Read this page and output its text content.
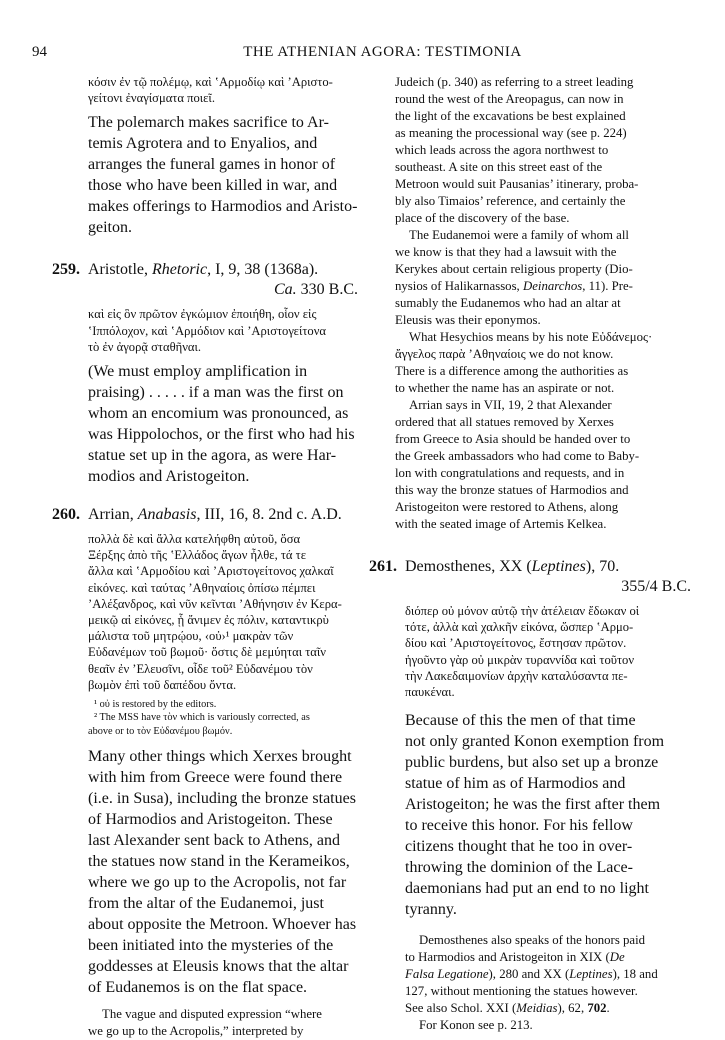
94	THE ATHENIAN AGORA: TESTIMONIA

κόσιν ἐν τῷ πολέμῳ, καὶ ʽΑρμοδίῳ καὶ ʼΑριστο-

γείτονι ἐναγίσματα ποιεῖ.

The polemarch makes sacrifice to Ar-

temis Agrotera and to Enyalios, and

arranges the funeral games in honor of

those who have been killed in war, and

makes offerings to Harmodios and Aristo-

geiton.

259. Aristotle, Rhetoric, I, 9, 38 (1368a).

Ca. 330 B.C.

καὶ εἰς ὃν πρῶτον ἐγκώμιον ἐποιήθη, οἷον εἰς

ʽΙππόλοχον, καὶ ʽΑρμόδιον καὶ ʼΑριστογείτονα

τὸ ἐν ἀγορᾷ σταθῆναι.

(We must employ amplification in

praising) . . . . . if a man was the first on

whom an encomium was pronounced, as

was Hippolochos, or the first who had his

statue set up in the agora, as were Har-

modios and Aristogeiton.

260. Arrian, Anabasis, III, 16, 8. 2nd c. A.D.

πολλὰ δὲ καὶ ἄλλα κατελήφθη αὐτοῦ, ὅσα

Ξέρξης ἀπὸ τῆς ʽΕλλάδος ἄγων ἦλθε, τά τε

ἄλλα καὶ ʽΑρμοδίου καὶ ʼΑριστογείτονος χαλκαῖ

εἰκόνες. καὶ ταύτας ʼΑθηναίοις ὀπίσω πέμπει

ʼΑλέξανδρος, καὶ νῦν κεῖνται ʼΑθήνησιν ἐν Κερα-

μεικῷ αἱ εἰκόνες, ᾗ ἄνιμεν ἐς πόλιν, καταντικρὺ

μάλιστα τοῦ μητρῴου, ‹οὐ›¹ μακρὰν τῶν

Εὐδανέμων τοῦ βωμοῦ· ὅστις δὲ μεμύηται ταῖν

θεαῖν ἐν ʼΕλευσῖνι, οἶδε τοῦ² Εὐδανέμου τὸν

βωμὸν ἐπὶ τοῦ δαπέδου ὄντα.

¹ οὐ is restored by the editors.

² The MSS have τὸν which is variously corrected, as

above or to τὸν Εὐδανέμου βωμόν.

Many other things which Xerxes brought

with him from Greece were found there

(i.e. in Susa), including the bronze statues

of Harmodios and Aristogeiton. These

last Alexander sent back to Athens, and

the statues now stand in the Kerameikos,

where we go up to the Acropolis, not far

from the altar of the Eudanemoi, just

about opposite the Metroon. Whoever has

been initiated into the mysteries of the

goddesses at Eleusis knows that the altar

of Eudanemos is on the flat space.

The vague and disputed expression “where

we go up to the Acropolis,” interpreted by

Judeich (p. 340) as referring to a street leading

round the west of the Areopagus, can now in

the light of the excavations be best explained

as meaning the processional way (see p. 224)

which leads across the agora northwest to

southeast. A site on this street east of the

Metroon would suit Pausanias’ itinerary, proba-

bly also Timaios’ reference, and certainly the

place of the discovery of the base.

The Eudanemoi were a family of whom all

we know is that they had a lawsuit with the

Kerykes about certain religious property (Dio-

nysios of Halikarnassos, Deinarchos, 11). Pre-

sumably the Eudanemos who had an altar at

Eleusis was their eponymos.

What Hesychios means by his note Εὐδάνεμος·

ἄγγελος παρὰ ʼΑθηναίοις we do not know.

There is a difference among the authorities as

to whether the name has an aspirate or not.

Arrian says in VII, 19, 2 that Alexander

ordered that all statues removed by Xerxes

from Greece to Asia should be handed over to

the Greek ambassadors who had come to Baby-

lon with congratulations and requests, and in

this way the bronze statues of Harmodios and

Aristogeiton were restored to Athens, along

with the seated image of Artemis Kelkea.

261. Demosthenes, XX (Leptines), 70.

355/4 B.C.

διόπερ οὐ μόνον αὐτῷ τὴν ἀτέλειαν ἔδωκαν οἱ

τότε, ἀλλὰ καὶ χαλκῆν εἰκόνα, ὥσπερ ʽΑρμο-

δίου καὶ ʼΑριστογείτονος, ἔστησαν πρῶτον.

ἡγοῦντο γὰρ οὐ μικρὰν τυραννίδα καὶ τοῦτον

τὴν Λακεδαιμονίων ἀρχὴν καταλύσαντα πε-

παυκέναι.

Because of this the men of that time

not only granted Konon exemption from

public burdens, but also set up a bronze

statue of him as of Harmodios and

Aristogeiton; he was the first after them

to receive this honor. For his fellow

citizens thought that he too in over-

throwing the dominion of the Lace-

daemonians had put an end to no light

tyranny.

Demosthenes also speaks of the honors paid

to Harmodios and Aristogeiton in XIX (De

Falsa Legatione), 280 and XX (Leptines), 18 and

127, without mentioning the statues however.

See also Schol. XXI (Meidias), 62, 702.

For Konon see p. 213.
